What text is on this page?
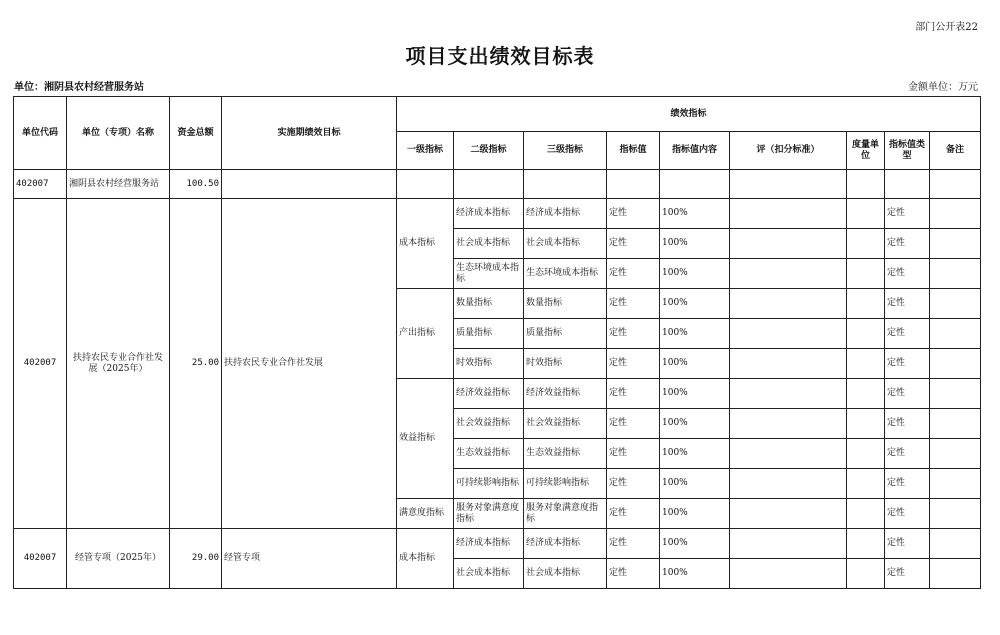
部门公开表22
项目支出绩效目标表
单位：湘阴县农村经营服务站	金额单位：万元
单位代码	单位（专项）名称	资金总额	实施期绩效目标	绩效指标								
				一级指标	二级指标	三级指标	指标值	指标值内容	评（扣分标准）	度量单位	指标值类型	备注
402007	湘阴县农村经营服务站	100.50										
402007	扶持农民专业合作社发展（2025年）	25.00	扶持农民专业合作社发展	成本指标	经济成本指标	经济成本指标	定性	100%			定性	
					社会成本指标	社会成本指标	定性	100%			定性	
					生态环境成本指标	生态环境成本指标	定性	100%			定性	
				产出指标	数量指标	数量指标	定性	100%			定性	
					质量指标	质量指标	定性	100%			定性	
					时效指标	时效指标	定性	100%			定性	
				效益指标	经济效益指标	经济效益指标	定性	100%			定性	
					社会效益指标	社会效益指标	定性	100%			定性	
					生态效益指标	生态效益指标	定性	100%			定性	
					可持续影响指标	可持续影响指标	定性	100%			定性	
				满意度指标	服务对象满意度指标	服务对象满意度指标	定性	100%			定性	
402007	经管专项（2025年）	29.00	经管专项	成本指标	经济成本指标	经济成本指标	定性	100%			定性	
					社会成本指标	社会成本指标	定性	100%			定性	
